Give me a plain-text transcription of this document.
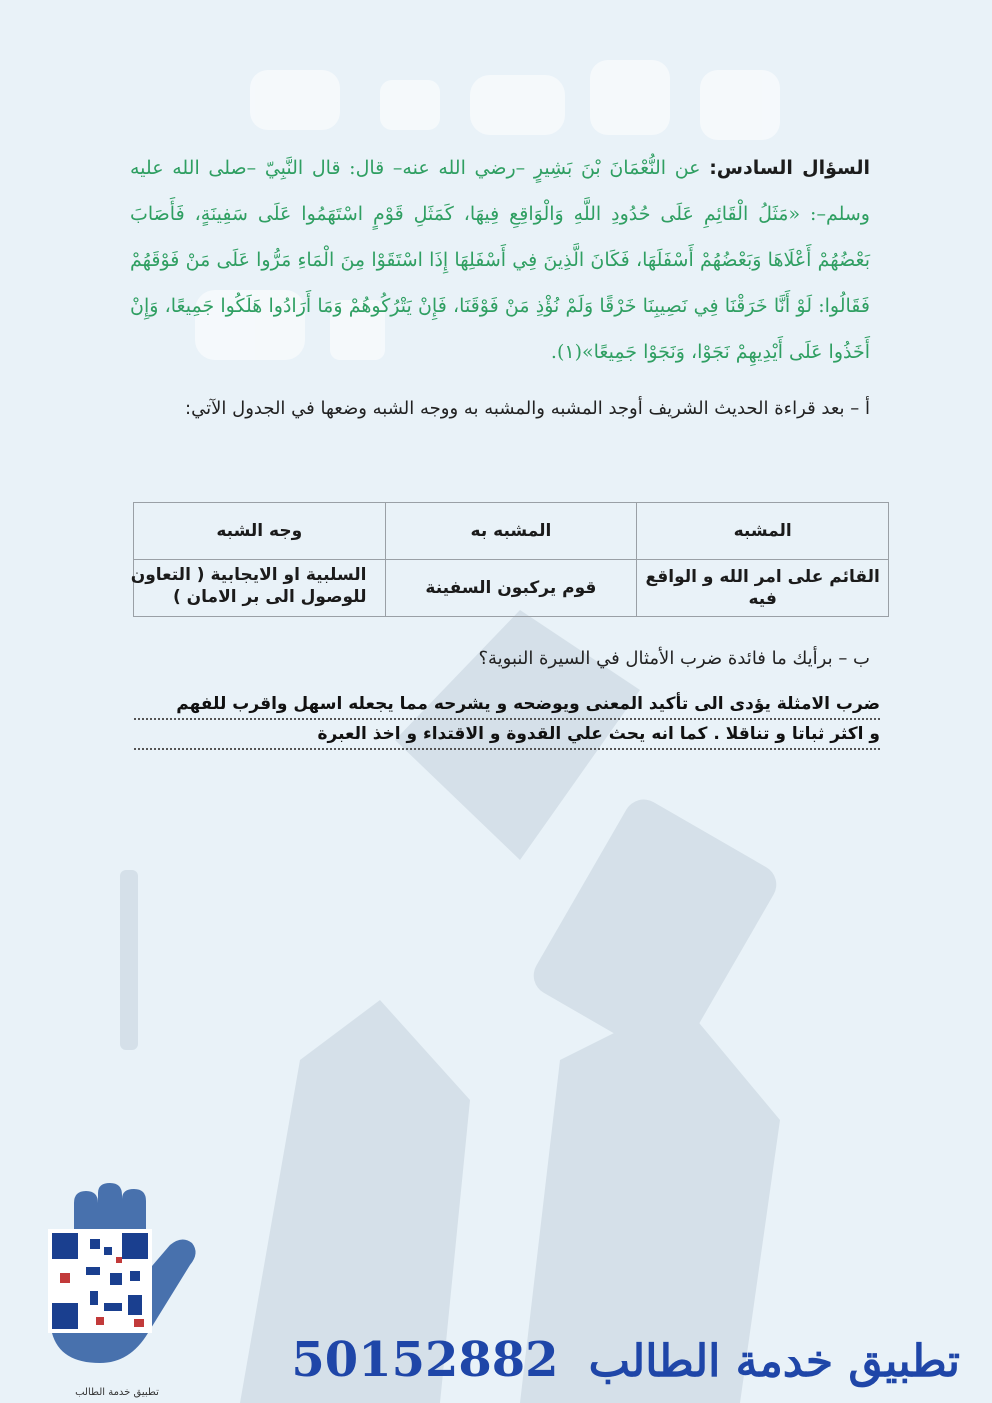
السؤال السادس: عن النُّعْمَانَ بْنَ بَشِيرٍ –رضي الله عنه– قال: قال النَّبِيّ –صلى الله عليه وسلم–: «مَثَلُ الْقَائِمِ عَلَى حُدُودِ اللَّهِ وَالْوَاقِعِ فِيهَا، كَمَثَلِ قَوْمٍ اسْتَهَمُوا عَلَى سَفِينَةٍ، فَأَصَابَ بَعْضُهُمْ أَعْلَاهَا وَبَعْضُهُمْ أَسْفَلَهَا، فَكَانَ الَّذِينَ فِي أَسْفَلِهَا إِذَا اسْتَقَوْا مِنَ الْمَاءِ مَرُّوا عَلَى مَنْ فَوْقَهُمْ فَقَالُوا: لَوْ أَنَّا خَرَقْنَا فِي نَصِيبِنَا خَرْقًا وَلَمْ نُؤْذِ مَنْ فَوْقَنَا، فَإِنْ يَتْرُكُوهُمْ وَمَا أَرَادُوا هَلَكُوا جَمِيعًا، وَإِنْ أَخَذُوا عَلَى أَيْدِيهِمْ نَجَوْا، وَنَجَوْا جَمِيعًا»(١).

أ – بعد قراءة الحديث الشريف أوجد المشبه والمشبه به ووجه الشبه وضعها في الجدول الآتي:

المشبه	المشبه به	وجه الشبه
القائم على امر الله و الواقع فيه	قوم يركبون السفينة	السلبية او الايجابية ( التعاون للوصول الى بر الامان )
ب – برأيك ما فائدة ضرب الأمثال في السيرة النبوية؟
ضرب الامثلة يؤدى الى تأكيد المعنى ويوضحه و يشرحه مما يجعله اسهل واقرب للفهم
و اكثر ثباتا و تناقلا . كما انه يحث علي القدوة و الاقتداء و اخذ العبرة
تطبيق خدمة الطالب
تطبيق خدمة الطالب50152882
